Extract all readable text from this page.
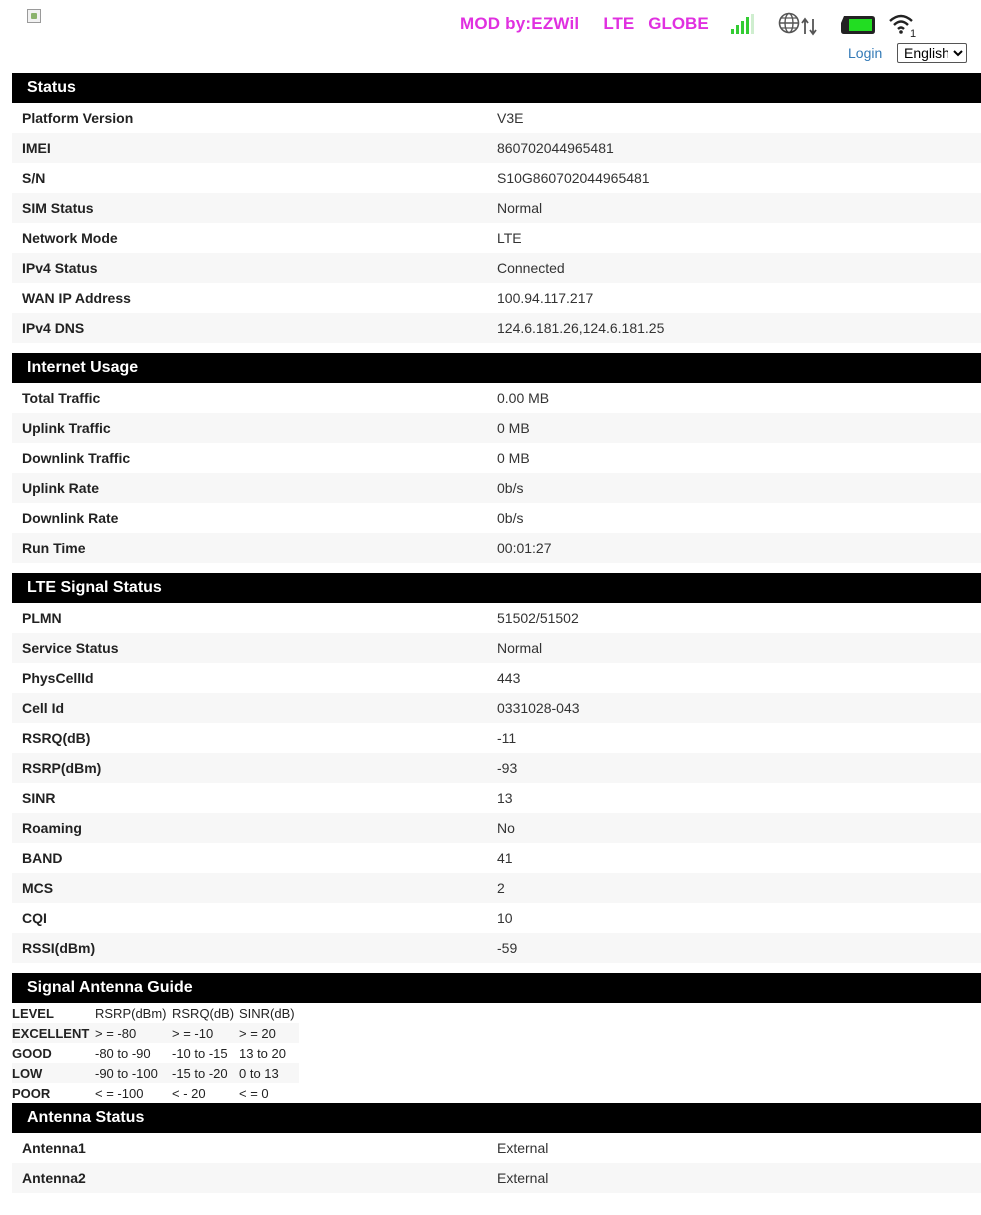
MOD by:EZWil LTE GLOBE
1
Login
English
Status
Platform Version	V3E
IMEI	860702044965481
S/N	S10G860702044965481
SIM Status	Normal
Network Mode	LTE
IPv4 Status	Connected
WAN IP Address	100.94.117.217
IPv4 DNS	124.6.181.26,124.6.181.25
Internet Usage
Total Traffic	0.00 MB
Uplink Traffic	0 MB
Downlink Traffic	0 MB
Uplink Rate	0b/s
Downlink Rate	0b/s
Run Time	00:01:27
LTE Signal Status
PLMN	51502/51502
Service Status	Normal
PhysCellId	443
Cell Id	0331028-043
RSRQ(dB)	-11
RSRP(dBm)	-93
SINR	13
Roaming	No
BAND	41
MCS	2
CQI	10
RSSI(dBm)	-59
Signal Antenna Guide
LEVEL	RSRP(dBm)	RSRQ(dB)	SINR(dB)
EXCELLENT	> = -80	> = -10	> = 20
GOOD	-80 to -90	-10 to -15	13 to 20
LOW	-90 to -100	-15 to -20	0 to 13
POOR	< = -100	< - 20	< = 0
Antenna Status
Antenna1	External
Antenna2	External
